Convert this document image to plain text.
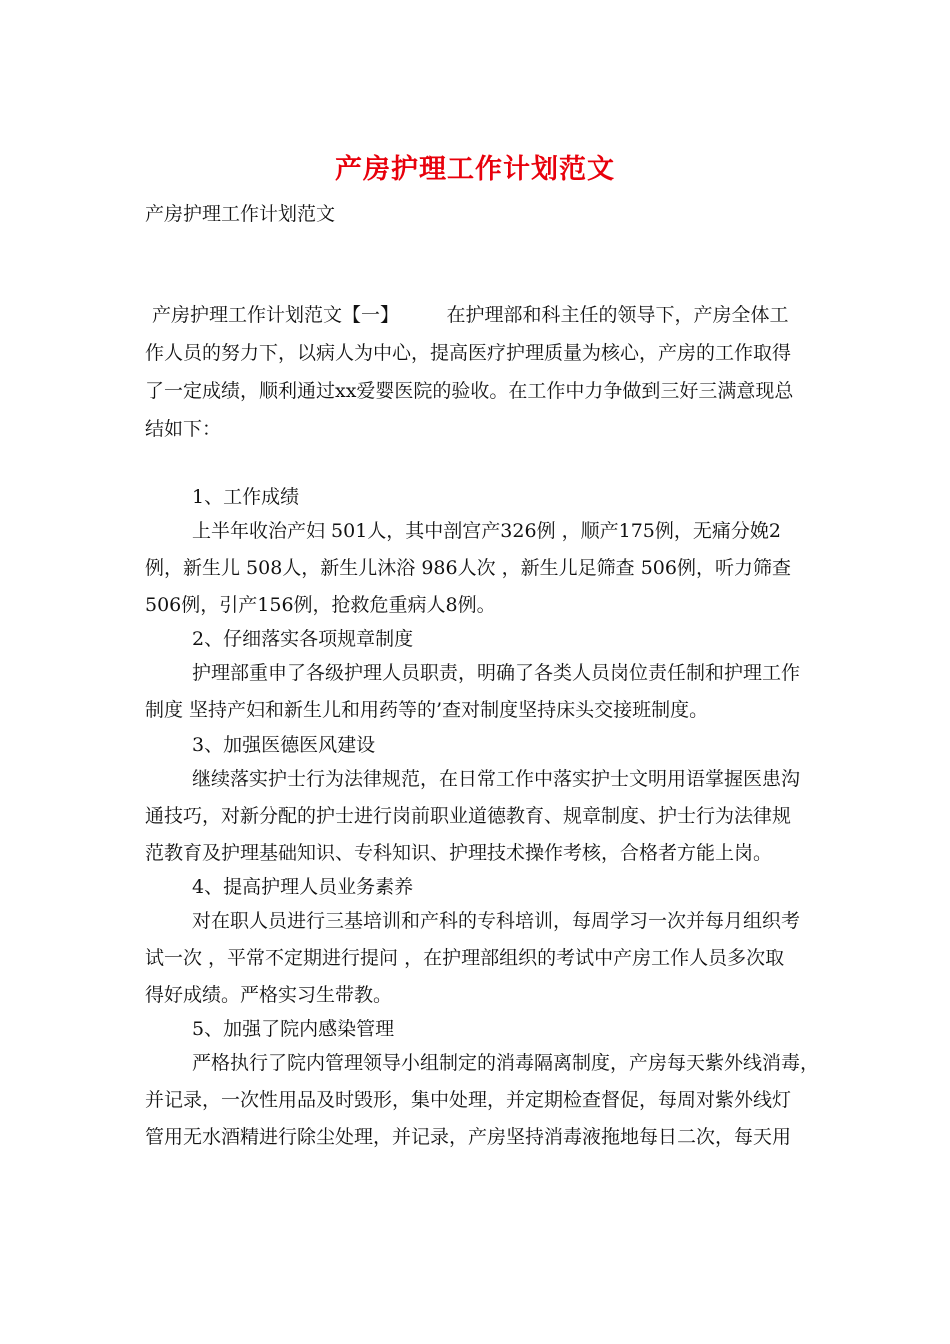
产房护理工作计划范文

产房护理工作计划范文

产房护理工作计划范文【一】　　　在护理部和科主任的领导下，产房全体工

作人员的努力下，以病人为中心，提高医疗护理质量为核心，产房的工作取得

了一定成绩，顺利通过xx爱婴医院的验收。在工作中力争做到三好三满意现总

结如下：

1、工作成绩

上半年收治产妇 501人，其中剖宫产326例 ，顺产175例，无痛分娩2

例，新生儿 508人，新生儿沐浴 986人次 ，新生儿足筛查 506例，听力筛查

506例，引产156例，抢救危重病人8例。

2、仔细落实各项规章制度

护理部重申了各级护理人员职责，明确了各类人员岗位责任制和护理工作

制度 坚持产妇和新生儿和用药等的’查对制度坚持床头交接班制度。

3、加强医德医风建设

继续落实护士行为法律规范，在日常工作中落实护士文明用语掌握医患沟

通技巧，对新分配的护士进行岗前职业道德教育、规章制度、护士行为法律规

范教育及护理基础知识、专科知识、护理技术操作考核，合格者方能上岗。

4、提高护理人员业务素养

对在职人员进行三基培训和产科的专科培训，每周学习一次并每月组织考

试一次 ，平常不定期进行提问 ，在护理部组织的考试中产房工作人员多次取

得好成绩。严格实习生带教。

5、加强了院内感染管理

严格执行了院内管理领导小组制定的消毒隔离制度，产房每天紫外线消毒，

并记录，一次性用品及时毁形，集中处理，并定期检查督促，每周对紫外线灯

管用无水酒精进行除尘处理，并记录，产房坚持消毒液拖地每日二次，每天用
